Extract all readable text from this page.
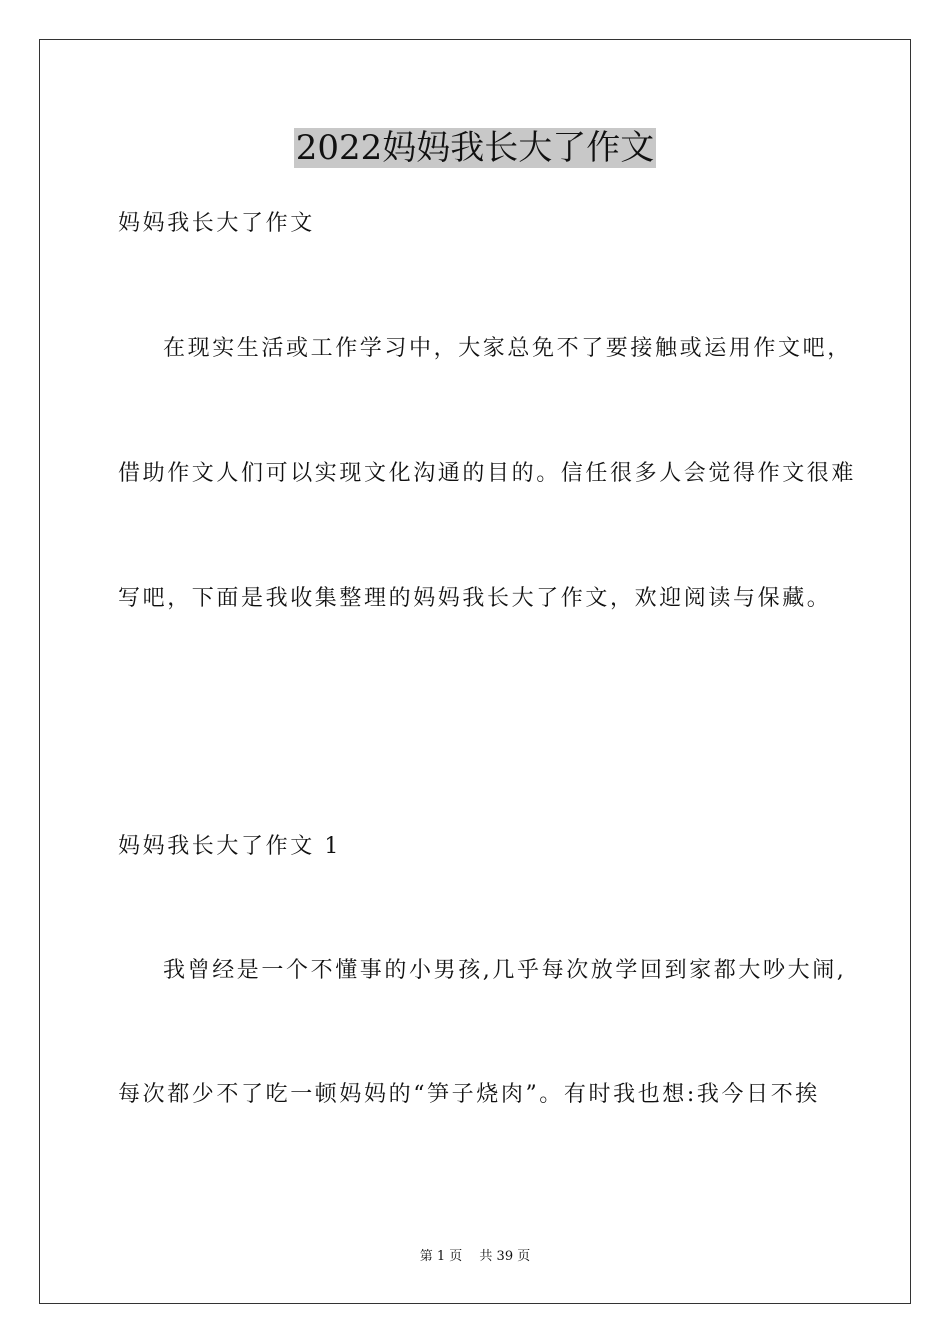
2022妈妈我长大了作文
妈妈我长大了作文
在现实生活或工作学习中，大家总免不了要接触或运用作文吧，
借助作文人们可以实现文化沟通的目的。信任很多人会觉得作文很难
写吧，下面是我收集整理的妈妈我长大了作文，欢迎阅读与保藏。
妈妈我长大了作文 1
我曾经是一个不懂事的小男孩,几乎每次放学回到家都大吵大闹,
每次都少不了吃一顿妈妈的“笋子烧肉”。有时我也想:我今日不挨
第 1 页　 共 39 页
